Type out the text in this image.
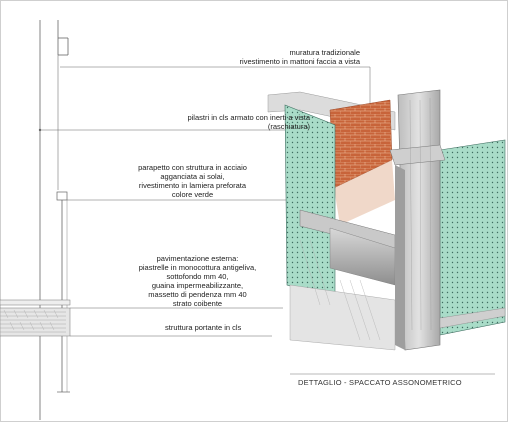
muratura tradizionale
rivestimento in mattoni faccia a vista
pilastri in cls armato con inerti a vista
(raschiatura)
parapetto con struttura in acciaio
agganciata ai solai,
rivestimento in lamiera preforata
colore verde
pavimentazione esterna:
piastrelle in monocottura antigeliva,
sottofondo mm 40,
guaina impermeabilizzante,
massetto di pendenza mm 40
strato coibente
struttura portante in cls
DETTAGLIO - SPACCATO ASSONOMETRICO
